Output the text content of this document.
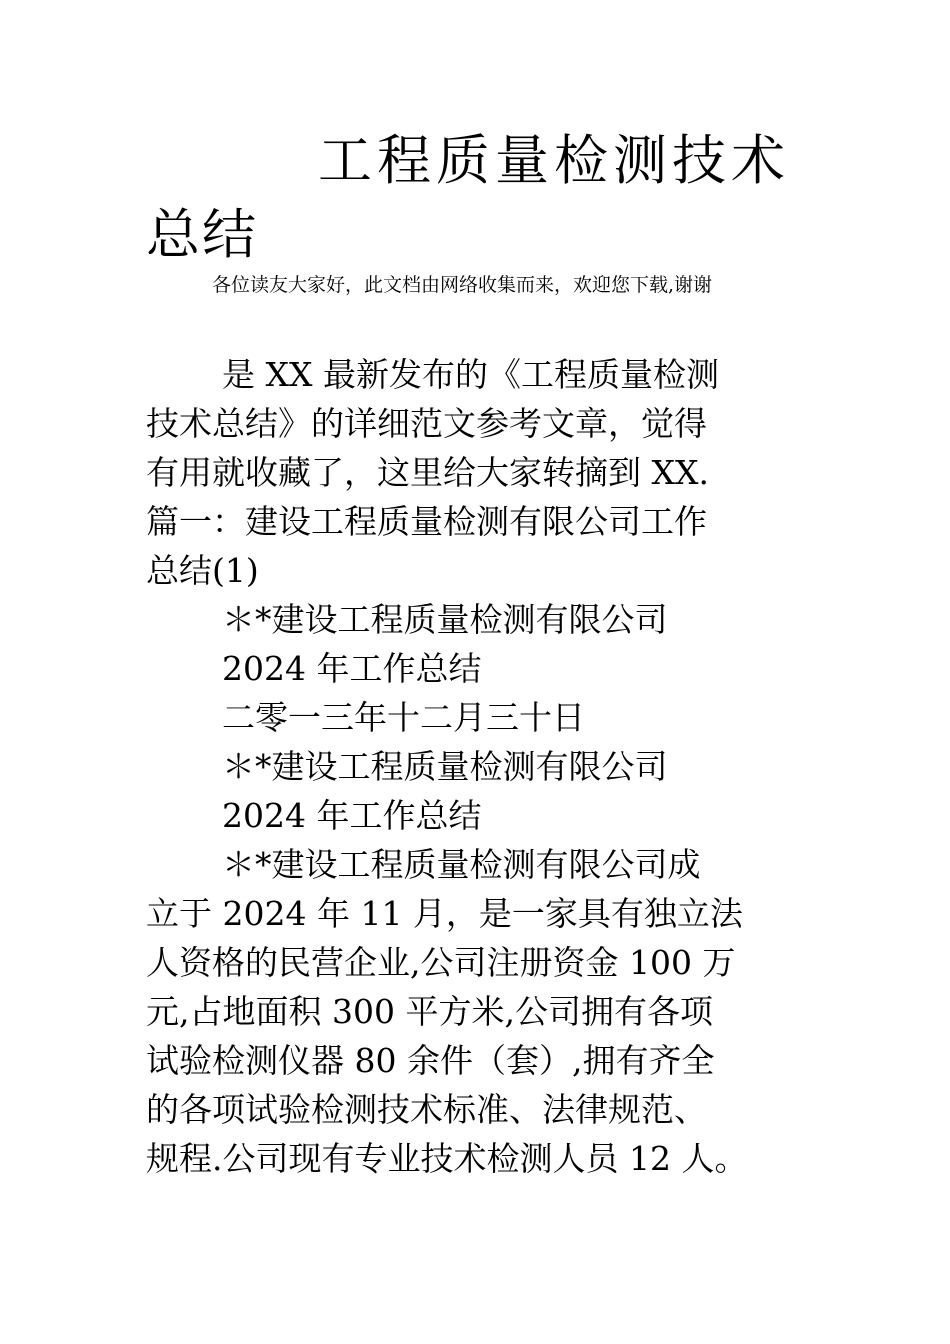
工程质量检测技术
总结
各位读友大家好，此文档由网络收集而来，欢迎您下载,谢谢
是 XX 最新发布的《工程质量检测
技术总结》的详细范文参考文章，觉得
有用就收藏了，这里给大家转摘到 XX.
篇一：建设工程质量检测有限公司工作
总结(1)
＊*建设工程质量检测有限公司
2024 年工作总结
二零一三年十二月三十日
＊*建设工程质量检测有限公司
2024 年工作总结
＊*建设工程质量检测有限公司成
立于 2024 年 11 月，是一家具有独立法
人资格的民营企业,公司注册资金 100 万
元,占地面积 300 平方米,公司拥有各项
试验检测仪器 80 余件（套）,拥有齐全
的各项试验检测技术标准、法律规范、
规程.公司现有专业技术检测人员 12 人。
